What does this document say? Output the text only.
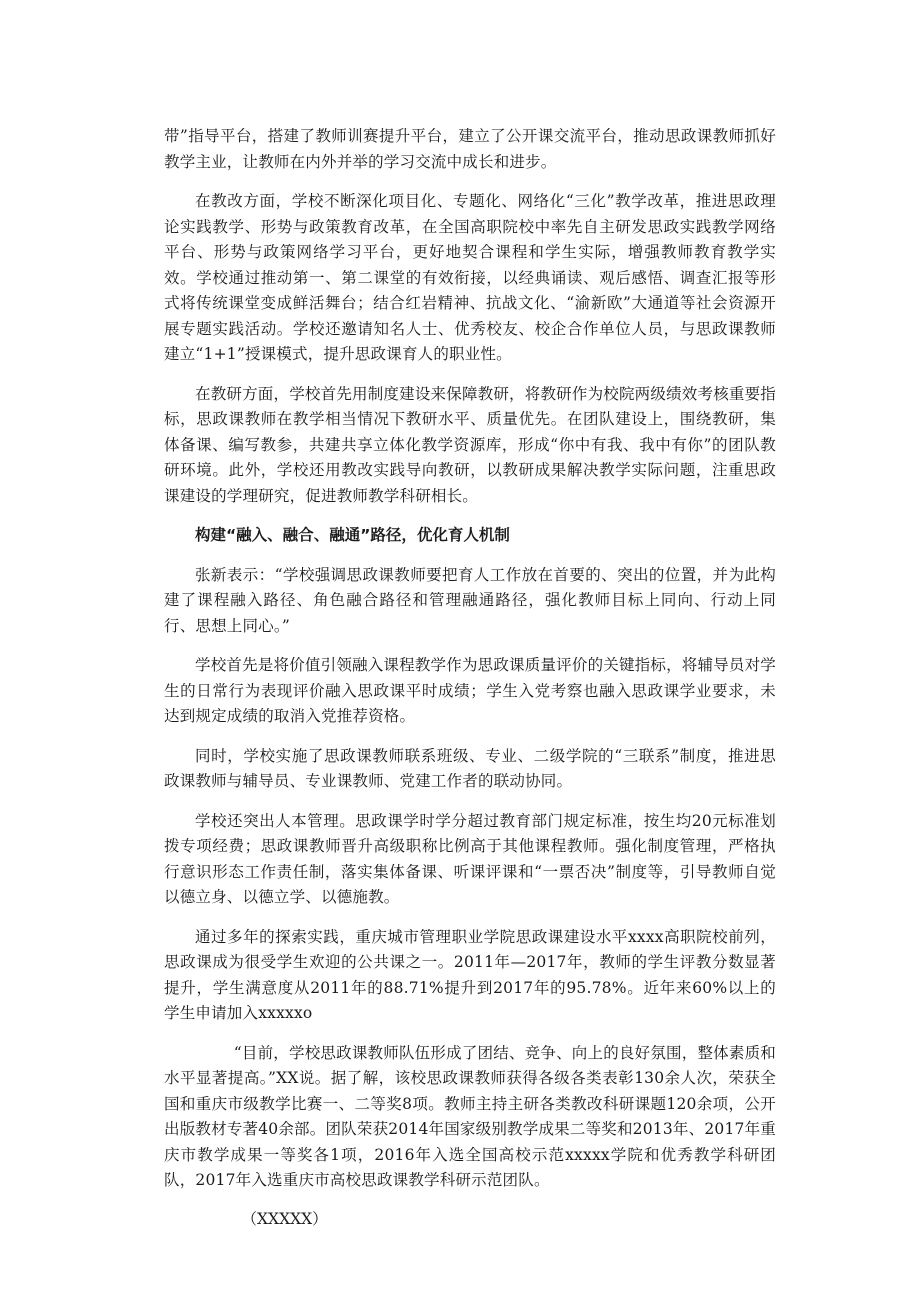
带”指导平台，搭建了教师训赛提升平台，建立了公开课交流平台，推动思政课教师抓好教学主业，让教师在内外并举的学习交流中成长和进步。

在教改方面，学校不断深化项目化、专题化、网络化“三化”教学改革，推进思政理论实践教学、形势与政策教育改革，在全国高职院校中率先自主研发思政实践教学网络平台、形势与政策网络学习平台，更好地契合课程和学生实际，增强教师教育教学实效。学校通过推动第一、第二课堂的有效衔接，以经典诵读、观后感悟、调查汇报等形式将传统课堂变成鲜活舞台；结合红岩精神、抗战文化、“渝新欧”大通道等社会资源开展专题实践活动。学校还邀请知名人士、优秀校友、校企合作单位人员，与思政课教师建立“1+1”授课模式，提升思政课育人的职业性。

在教研方面，学校首先用制度建设来保障教研，将教研作为校院两级绩效考核重要指标，思政课教师在教学相当情况下教研水平、质量优先。在团队建设上，围绕教研，集体备课、编写教参，共建共享立体化教学资源库，形成“你中有我、我中有你”的团队教研环境。此外，学校还用教改实践导向教研，以教研成果解决教学实际问题，注重思政课建设的学理研究，促进教师教学科研相长。

构建“融入、融合、融通”路径，优化育人机制

张新表示：“学校强调思政课教师要把育人工作放在首要的、突出的位置，并为此构建了课程融入路径、角色融合路径和管理融通路径，强化教师目标上同向、行动上同行、思想上同心。”

学校首先是将价值引领融入课程教学作为思政课质量评价的关键指标，将辅导员对学生的日常行为表现评价融入思政课平时成绩；学生入党考察也融入思政课学业要求，未达到规定成绩的取消入党推荐资格。

同时，学校实施了思政课教师联系班级、专业、二级学院的“三联系”制度，推进思政课教师与辅导员、专业课教师、党建工作者的联动协同。

学校还突出人本管理。思政课学时学分超过教育部门规定标准，按生均20元标准划拨专项经费；思政课教师晋升高级职称比例高于其他课程教师。强化制度管理，严格执行意识形态工作责任制，落实集体备课、听课评课和“一票否决”制度等，引导教师自觉以德立身、以德立学、以德施教。

通过多年的探索实践，重庆城市管理职业学院思政课建设水平xxxx高职院校前列，思政课成为很受学生欢迎的公共课之一。2011年—2017年，教师的学生评教分数显著提升，学生满意度从2011年的88.71%提升到2017年的95.78%。近年来60%以上的学生申请加入xxxxxo

“目前，学校思政课教师队伍形成了团结、竞争、向上的良好氛围，整体素质和水平显著提高。”XX说。据了解，该校思政课教师获得各级各类表彰130余人次，荣获全国和重庆市级教学比赛一、二等奖8项。教师主持主研各类教改科研课题120余项，公开出版教材专著40余部。团队荣获2014年国家级别教学成果二等奖和2013年、2017年重庆市教学成果一等奖各1项，2016年入选全国高校示范xxxxx学院和优秀教学科研团队，2017年入选重庆市高校思政课教学科研示范团队。

（XXXXX）
